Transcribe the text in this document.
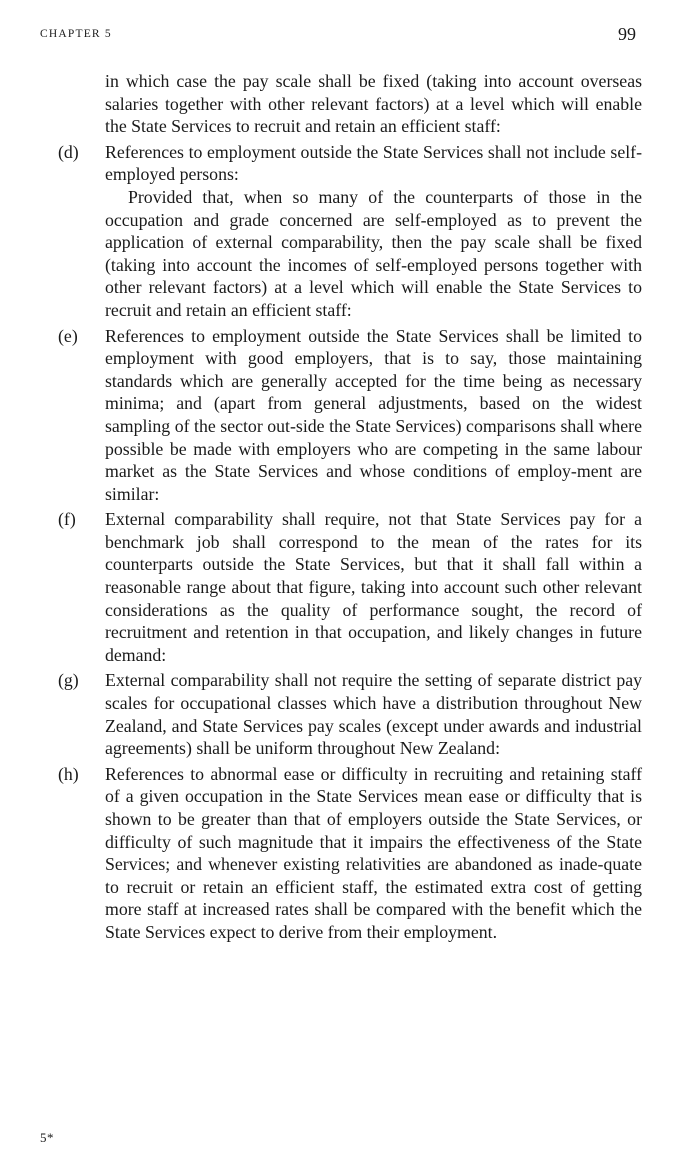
CHAPTER 5	99

in which case the pay scale shall be fixed (taking into account overseas salaries together with other relevant factors) at a level which will enable the State Services to recruit and retain an efficient staff:

(d) References to employment outside the State Services shall not include self-employed persons:
Provided that, when so many of the counterparts of those in the occupation and grade concerned are self-employed as to prevent the application of external comparability, then the pay scale shall be fixed (taking into account the incomes of self-employed persons together with other relevant factors) at a level which will enable the State Services to recruit and retain an efficient staff:
(e) References to employment outside the State Services shall be limited to employment with good employers, that is to say, those maintaining standards which are generally accepted for the time being as necessary minima; and (apart from general adjustments, based on the widest sampling of the sector out-side the State Services) comparisons shall where possible be made with employers who are competing in the same labour market as the State Services and whose conditions of employ-ment are similar:
(f) External comparability shall require, not that State Services pay for a benchmark job shall correspond to the mean of the rates for its counterparts outside the State Services, but that it shall fall within a reasonable range about that figure, taking into account such other relevant considerations as the quality of performance sought, the record of recruitment and retention in that occupation, and likely changes in future demand:
(g) External comparability shall not require the setting of separate district pay scales for occupational classes which have a distribution throughout New Zealand, and State Services pay scales (except under awards and industrial agreements) shall be uniform throughout New Zealand:
(h) References to abnormal ease or difficulty in recruiting and retaining staff of a given occupation in the State Services mean ease or difficulty that is shown to be greater than that of employers outside the State Services, or difficulty of such magnitude that it impairs the effectiveness of the State Services; and whenever existing relativities are abandoned as inade-quate to recruit or retain an efficient staff, the estimated extra cost of getting more staff at increased rates shall be compared with the benefit which the State Services expect to derive from their employment.
5*
